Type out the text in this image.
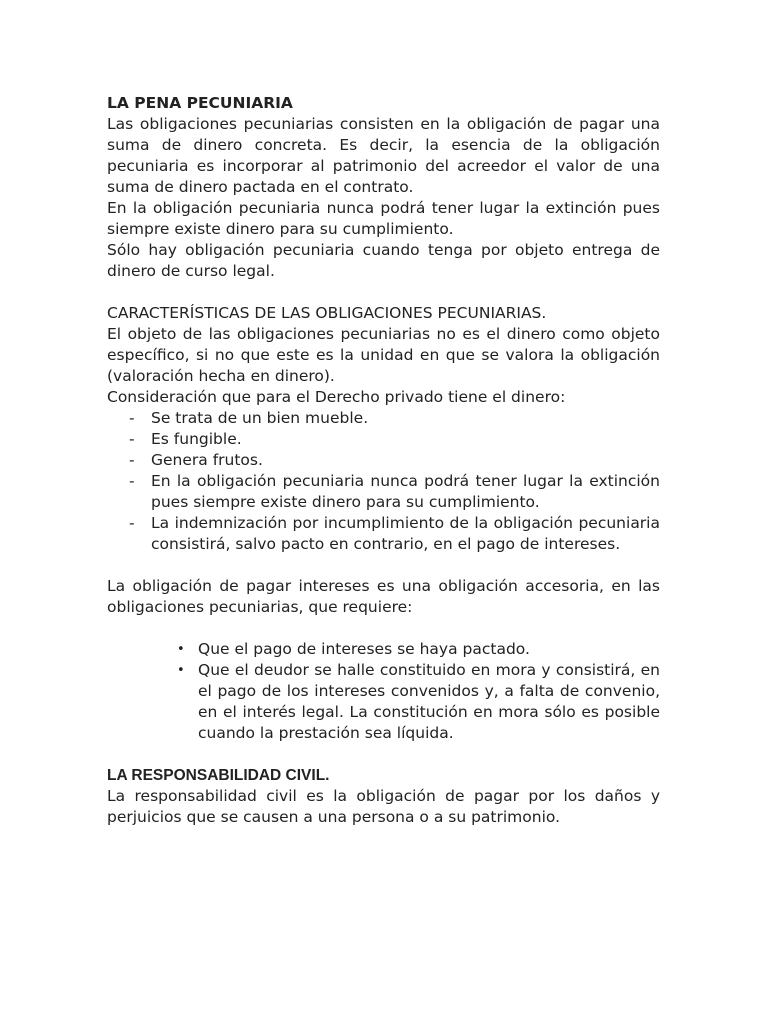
LA PENA PECUNIARIA

Las obligaciones pecuniarias consisten en la obligación de pagar una suma de dinero concreta. Es decir, la esencia de la obligación pecuniaria es incorporar al patrimonio del acreedor el valor de una suma de dinero pactada en el contrato.

En la obligación pecuniaria nunca podrá tener lugar la extinción pues siempre existe dinero para su cumplimiento.

Sólo hay obligación pecuniaria cuando tenga por objeto entrega de dinero de curso legal.

CARACTERÍSTICAS DE LAS OBLIGACIONES PECUNIARIAS.

El objeto de las obligaciones pecuniarias no es el dinero como objeto específico, si no que este es la unidad en que se valora la obligación (valoración hecha en dinero).

Consideración que para el Derecho privado tiene el dinero:

- Se trata de un bien mueble.
- Es fungible.
- Genera frutos.
- En la obligación pecuniaria nunca podrá tener lugar la extinción pues siempre existe dinero para su cumplimiento.
- La indemnización por incumplimiento de la obligación pecuniaria consistirá, salvo pacto en contrario, en el pago de intereses.

La obligación de pagar intereses es una obligación accesoria, en las obligaciones pecuniarias, que requiere:

• Que el pago de intereses se haya pactado.
• Que el deudor se halle constituido en mora y consistirá, en el pago de los intereses convenidos y, a falta de convenio, en el interés legal. La constitución en mora sólo es posible cuando la prestación sea líquida.

LA RESPONSABILIDAD CIVIL.

La responsabilidad civil es la obligación de pagar por los daños y perjuicios que se causen a una persona o a su patrimonio.
